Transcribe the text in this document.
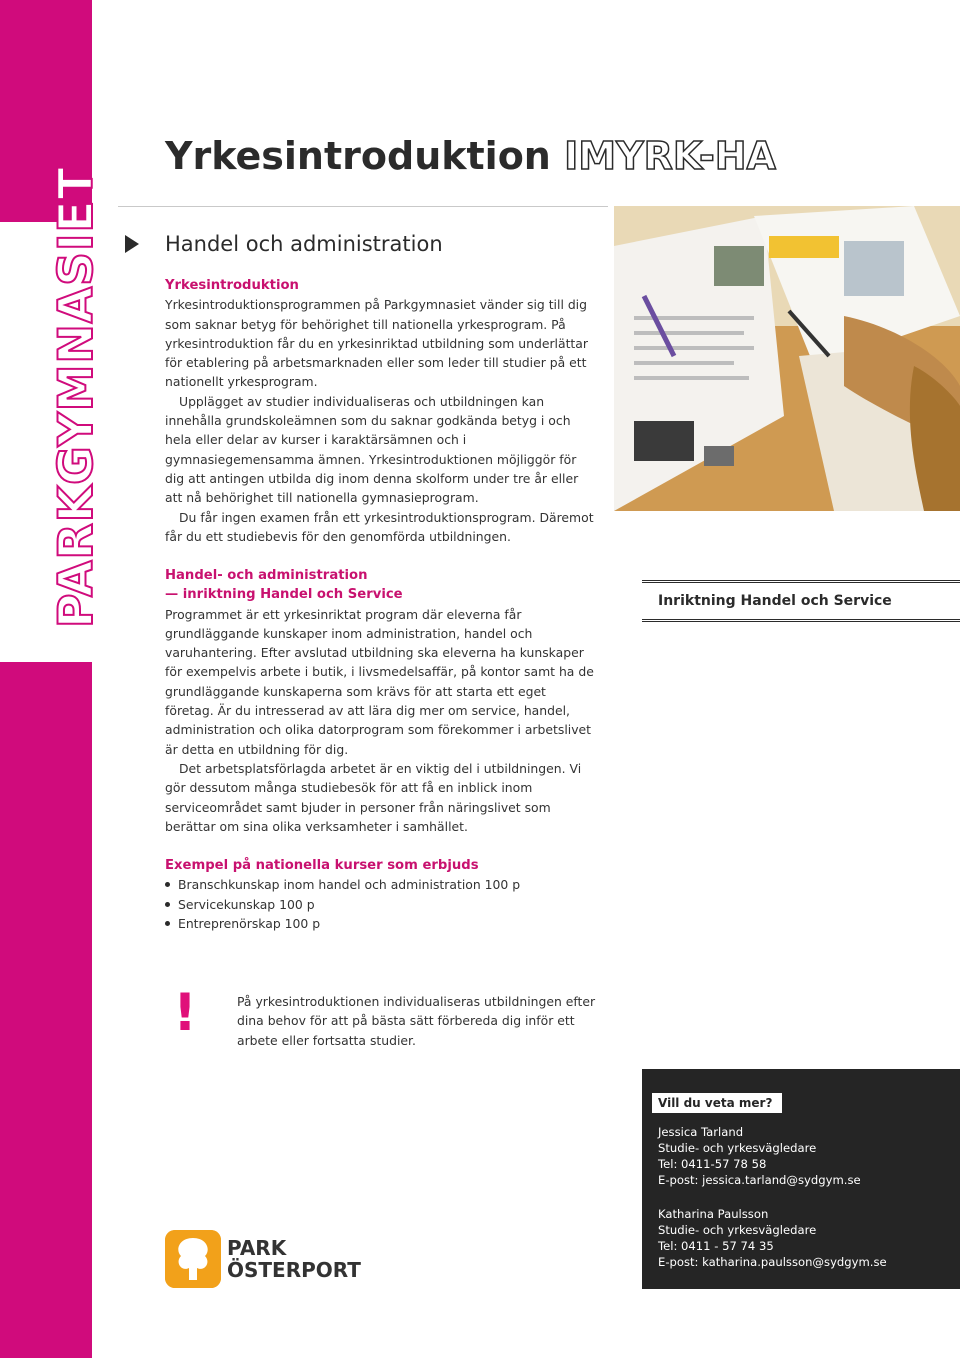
PARKGYMNASIET
Yrkesintroduktion IMYRK-HA
Handel och administration
Yrkesintroduktion

Yrkesintroduktionsprogrammen på Parkgymnasiet vänder sig till dig som saknar betyg för behörighet till nationella yrkesprogram. På yrkesintroduktion får du en yrkesinriktad utbildning som underlättar för etablering på arbetsmarknaden eller som leder till studier på ett nationellt yrkesprogram.

Upplägget av studier individualiseras och utbildningen kan innehålla grundskoleämnen som du saknar godkända betyg i och hela eller delar av kurser i karaktärsämnen och i gymnasiegemensamma ämnen. Yrkesintroduktionen möjliggör för dig att antingen utbilda dig inom denna skolform under tre år eller att nå behörighet till nationella gymnasieprogram.

Du får ingen examen från ett yrkesintroduktionsprogram. Däremot får du ett studiebevis för den genomförda utbildningen.

Handel- och administration
— inriktning Handel och Service

Programmet är ett yrkesinriktat program där eleverna får grundläggande kunskaper inom administration, handel och varuhantering. Efter avslutad utbildning ska eleverna ha kunskaper för exempelvis arbete i butik, i livsmedelsaffär, på kontor samt ha de grundläggande kunskaperna som krävs för att starta ett eget företag. Är du intresserad av att lära dig mer om service, handel, administration och olika datorprogram som förekommer i arbetslivet är detta en utbildning för dig.

Det arbetsplatsförlagda arbetet är en viktig del i utbildningen. Vi gör dessutom många studiebesök för att få en inblick inom serviceområdet samt bjuder in personer från näringslivet som berättar om sina olika verksamheter i samhället.

Exempel på nationella kurser som erbjuds
Branschkunskap inom handel och administration 100 p
Servicekunskap 100 p
Entreprenörskap 100 p
!	På yrkesintroduktionen individualiseras utbildningen efter dina behov för att på bästa sätt förbereda dig inför ett arbete eller fortsatta studier.
Inriktning Handel och Service
Vill du veta mer?

Jessica Tarland

Studie- och yrkesvägledare

Tel: 0411-57 78 58

E-post: jessica.tarland@sydgym.se

Katharina Paulsson

Studie- och yrkesvägledare

Tel: 0411 - 57 74 35

E-post: katharina.paulsson@sydgym.se

PARK
ÖSTERPORT
